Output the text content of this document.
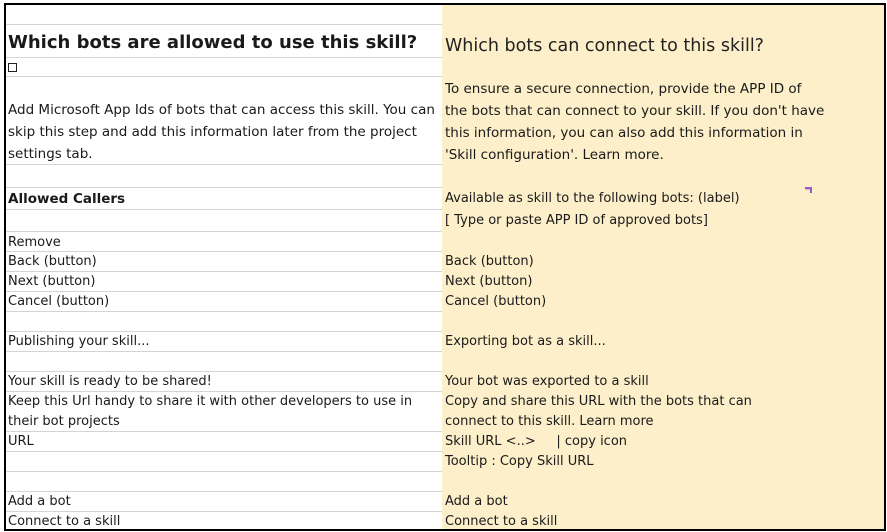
Which bots are allowed to use this skill?
Add Microsoft App Ids of bots that can access this skill. You can skip this step and add this information later from the project settings tab.
Allowed Callers
Remove
Back (button)
Next (button)
Cancel (button)
Publishing your skill...
Your skill is ready to be shared!
Keep this Url handy to share it with other developers to use in their bot projects
URL
Add a bot
Connect to a skill
Which bots can connect to this skill?
To ensure a secure connection, provide the APP ID of the bots that can connect to your skill. If you don't have this information, you can also add this information in 'Skill configuration'. Learn more.
Available as skill to the following bots: (label)
[ Type or paste APP ID of approved bots]
Back (button)
Next (button)
Cancel (button)
Exporting bot as a skill...
Your bot was exported to a skill
Copy and share this URL with the bots that can connect to this skill. Learn more
Skill URL <..>     | copy icon
Tooltip : Copy Skill URL
Add a bot
Connect to a skill
